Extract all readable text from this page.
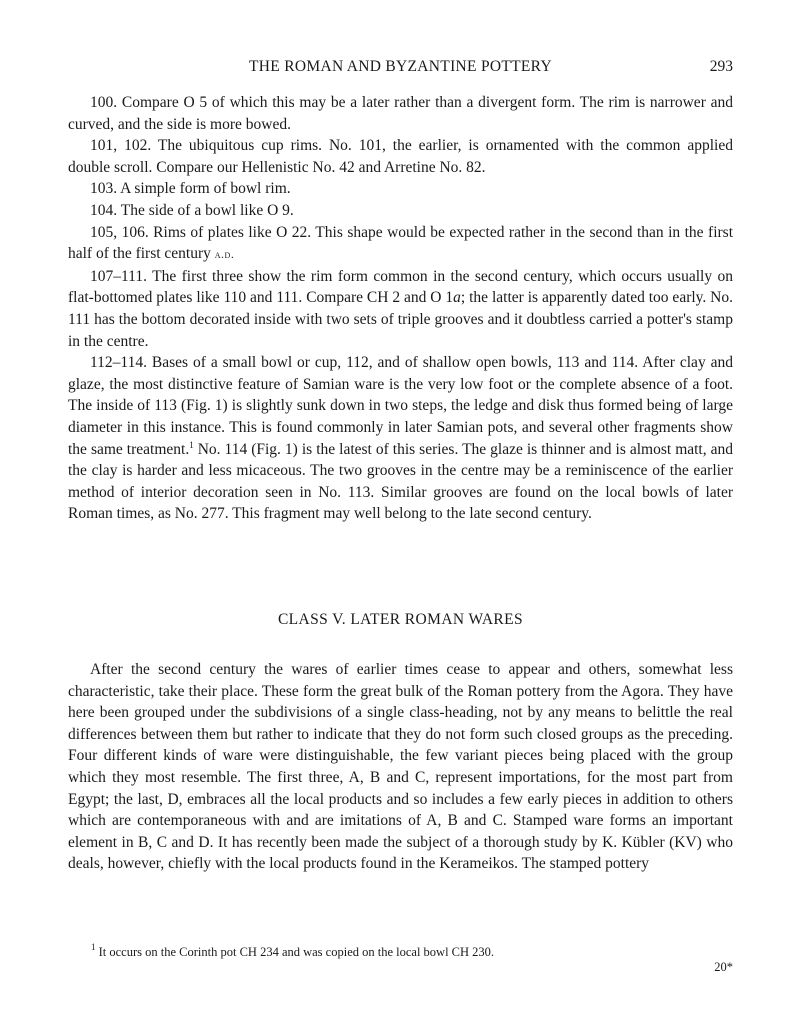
THE ROMAN AND BYZANTINE POTTERY	293

100. Compare O 5 of which this may be a later rather than a divergent form. The rim is narrower and curved, and the side is more bowed.

101, 102. The ubiquitous cup rims. No. 101, the earlier, is ornamented with the common applied double scroll. Compare our Hellenistic No. 42 and Arretine No. 82.

103. A simple form of bowl rim.

104. The side of a bowl like O 9.

105, 106. Rims of plates like O 22. This shape would be expected rather in the second than in the first half of the first century a.d.

107–111. The first three show the rim form common in the second century, which occurs usually on flat-bottomed plates like 110 and 111. Compare CH 2 and O 1a; the latter is apparently dated too early. No. 111 has the bottom decorated inside with two sets of triple grooves and it doubtless carried a potter's stamp in the centre.

112–114. Bases of a small bowl or cup, 112, and of shallow open bowls, 113 and 114. After clay and glaze, the most distinctive feature of Samian ware is the very low foot or the complete absence of a foot. The inside of 113 (Fig. 1) is slightly sunk down in two steps, the ledge and disk thus formed being of large diameter in this instance. This is found commonly in later Samian pots, and several other fragments show the same treatment.$^1$ No. 114 (Fig. 1) is the latest of this series. The glaze is thinner and is almost matt, and the clay is harder and less micaceous. The two grooves in the centre may be a reminiscence of the earlier method of interior decoration seen in No. 113. Similar grooves are found on the local bowls of later Roman times, as No. 277. This fragment may well belong to the late second century.

CLASS V. LATER ROMAN WARES

After the second century the wares of earlier times cease to appear and others, somewhat less characteristic, take their place. These form the great bulk of the Roman pottery from the Agora. They have here been grouped under the subdivisions of a single class-heading, not by any means to belittle the real differences between them but rather to indicate that they do not form such closed groups as the preceding. Four different kinds of ware were distinguishable, the few variant pieces being placed with the group which they most resemble. The first three, A, B and C, represent importations, for the most part from Egypt; the last, D, embraces all the local products and so includes a few early pieces in addition to others which are contemporaneous with and are imitations of A, B and C. Stamped ware forms an important element in B, C and D. It has recently been made the subject of a thorough study by K. Kübler (KV) who deals, however, chiefly with the local products found in the Kerameikos. The stamped pottery

$^1$ It occurs on the Corinth pot CH 234 and was copied on the local bowl CH 230.
20*
